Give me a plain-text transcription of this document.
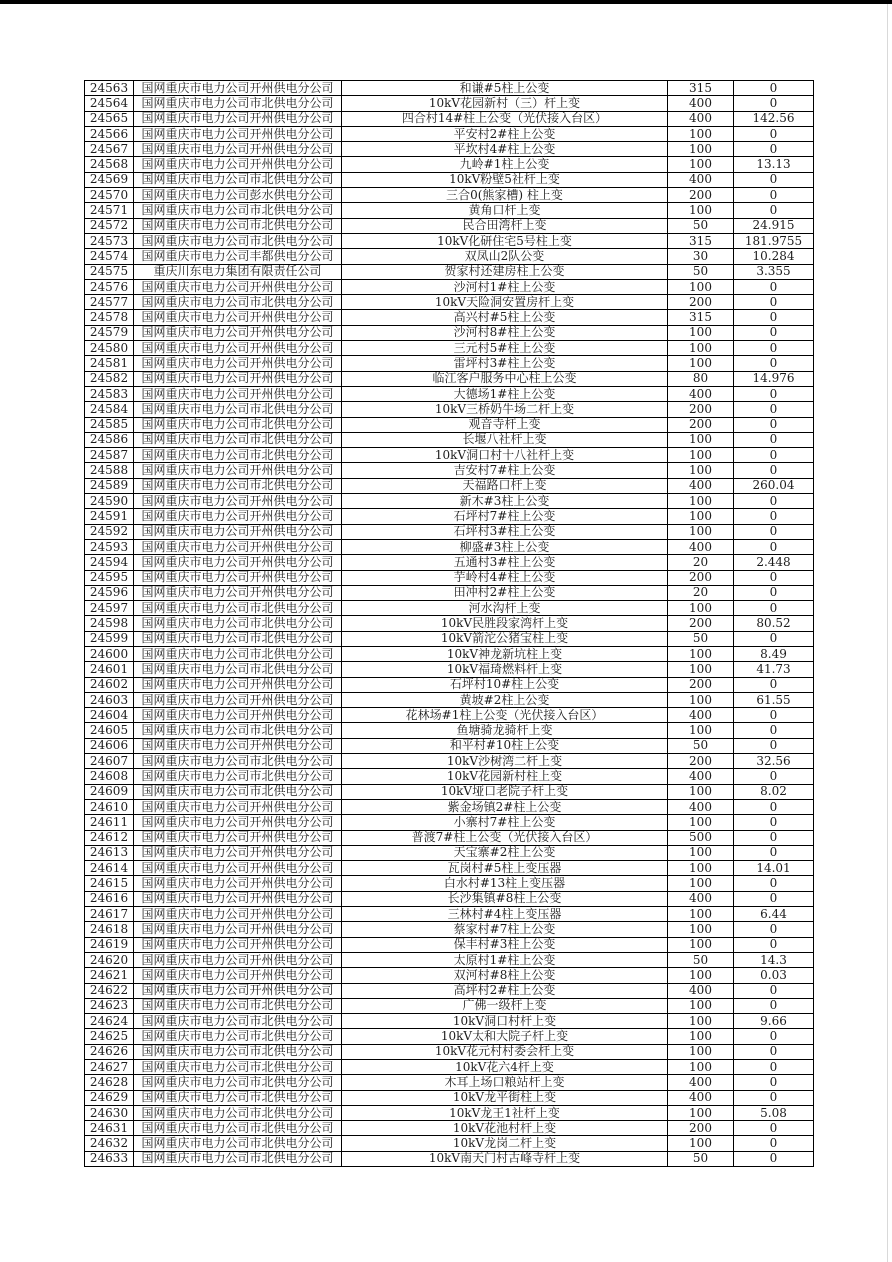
24563	国网重庆市电力公司开州供电分公司	和谦#5柱上公变	315	0
24564	国网重庆市电力公司市北供电分公司	10kV花园新村（三）杆上变	400	0
24565	国网重庆市电力公司开州供电分公司	四合村14#柱上公变（光伏接入台区）	400	142.56
24566	国网重庆市电力公司开州供电分公司	平安村2#柱上公变	100	0
24567	国网重庆市电力公司开州供电分公司	平坎村4#柱上公变	100	0
24568	国网重庆市电力公司开州供电分公司	九岭#1柱上公变	100	13.13
24569	国网重庆市电力公司市北供电分公司	10kV粉壁5社杆上变	400	0
24570	国网重庆市电力公司彭水供电分公司	三合0(熊家槽) 柱上变	200	0
24571	国网重庆市电力公司市北供电分公司	黄角口杆上变	100	0
24572	国网重庆市电力公司市北供电分公司	民合田湾杆上变	50	24.915
24573	国网重庆市电力公司市北供电分公司	10kV化研住宅5号柱上变	315	181.9755
24574	国网重庆市电力公司丰都供电分公司	双凤山2队公变	30	10.284
24575	重庆川东电力集团有限责任公司	贺家村还建房柱上公变	50	3.355
24576	国网重庆市电力公司开州供电分公司	沙河村1#柱上公变	100	0
24577	国网重庆市电力公司市北供电分公司	10kV天险洞安置房杆上变	200	0
24578	国网重庆市电力公司开州供电分公司	高兴村#5柱上公变	315	0
24579	国网重庆市电力公司开州供电分公司	沙河村8#柱上公变	100	0
24580	国网重庆市电力公司开州供电分公司	三元村5#柱上公变	100	0
24581	国网重庆市电力公司开州供电分公司	雷坪村3#柱上公变	100	0
24582	国网重庆市电力公司开州供电分公司	临江客户服务中心柱上公变	80	14.976
24583	国网重庆市电力公司开州供电分公司	大德场1#柱上公变	400	0
24584	国网重庆市电力公司市北供电分公司	10kV三桥奶牛场二杆上变	200	0
24585	国网重庆市电力公司市北供电分公司	观音寺杆上变	200	0
24586	国网重庆市电力公司市北供电分公司	长堰八社杆上变	100	0
24587	国网重庆市电力公司市北供电分公司	10kV洞口村十八社杆上变	100	0
24588	国网重庆市电力公司开州供电分公司	吉安村7#柱上公变	100	0
24589	国网重庆市电力公司市北供电分公司	天福路口杆上变	400	260.04
24590	国网重庆市电力公司开州供电分公司	新木#3柱上公变	100	0
24591	国网重庆市电力公司开州供电分公司	石坪村7#柱上公变	100	0
24592	国网重庆市电力公司开州供电分公司	石坪村3#柱上公变	100	0
24593	国网重庆市电力公司开州供电分公司	柳盛#3柱上公变	400	0
24594	国网重庆市电力公司开州供电分公司	五通村3#柱上公变	20	2.448
24595	国网重庆市电力公司开州供电分公司	芋岭村4#柱上公变	200	0
24596	国网重庆市电力公司开州供电分公司	田冲村2#柱上公变	20	0
24597	国网重庆市电力公司市北供电分公司	河水沟杆上变	100	0
24598	国网重庆市电力公司市北供电分公司	10kV民胜段家湾杆上变	200	80.52
24599	国网重庆市电力公司市北供电分公司	10kV箭沱公猪宝柱上变	50	0
24600	国网重庆市电力公司市北供电分公司	10kV神龙新坑柱上变	100	8.49
24601	国网重庆市电力公司市北供电分公司	10kV福琦燃料杆上变	100	41.73
24602	国网重庆市电力公司开州供电分公司	石坪村10#柱上公变	200	0
24603	国网重庆市电力公司开州供电分公司	黄坡#2柱上公变	100	61.55
24604	国网重庆市电力公司开州供电分公司	花林场#1柱上公变（光伏接入台区）	400	0
24605	国网重庆市电力公司市北供电分公司	鱼塘骑龙骑杆上变	100	0
24606	国网重庆市电力公司开州供电分公司	和平村#10柱上公变	50	0
24607	国网重庆市电力公司市北供电分公司	10kV沙树湾二杆上变	200	32.56
24608	国网重庆市电力公司市北供电分公司	10kV花园新村柱上变	400	0
24609	国网重庆市电力公司市北供电分公司	10kV垭口老院子杆上变	100	8.02
24610	国网重庆市电力公司开州供电分公司	紫金场镇2#柱上公变	400	0
24611	国网重庆市电力公司开州供电分公司	小寨村7#柱上公变	100	0
24612	国网重庆市电力公司开州供电分公司	普渡7#柱上公变（光伏接入台区）	500	0
24613	国网重庆市电力公司开州供电分公司	天宝寨#2柱上公变	100	0
24614	国网重庆市电力公司开州供电分公司	瓦岗村#5柱上变压器	100	14.01
24615	国网重庆市电力公司开州供电分公司	白水村#13柱上变压器	100	0
24616	国网重庆市电力公司开州供电分公司	长沙集镇#8柱上公变	400	0
24617	国网重庆市电力公司开州供电分公司	三林村#4柱上变压器	100	6.44
24618	国网重庆市电力公司开州供电分公司	蔡家村#7柱上公变	100	0
24619	国网重庆市电力公司开州供电分公司	保丰村#3柱上公变	100	0
24620	国网重庆市电力公司开州供电分公司	太原村1#柱上公变	50	14.3
24621	国网重庆市电力公司开州供电分公司	双河村#8柱上公变	100	0.03
24622	国网重庆市电力公司开州供电分公司	高坪村2#柱上公变	400	0
24623	国网重庆市电力公司市北供电分公司	广佛一级杆上变	100	0
24624	国网重庆市电力公司市北供电分公司	10kV洞口村杆上变	100	9.66
24625	国网重庆市电力公司市北供电分公司	10kV太和大院子杆上变	100	0
24626	国网重庆市电力公司市北供电分公司	10kV花元村村委会杆上变	100	0
24627	国网重庆市电力公司市北供电分公司	10kV花六4杆上变	100	0
24628	国网重庆市电力公司市北供电分公司	木耳上场口粮站杆上变	400	0
24629	国网重庆市电力公司市北供电分公司	10kV龙平街柱上变	400	0
24630	国网重庆市电力公司市北供电分公司	10kV龙王1社杆上变	100	5.08
24631	国网重庆市电力公司市北供电分公司	10kV花池村杆上变	200	0
24632	国网重庆市电力公司市北供电分公司	10kV龙岗二杆上变	100	0
24633	国网重庆市电力公司市北供电分公司	10kV南天门村古峰寺杆上变	50	0
